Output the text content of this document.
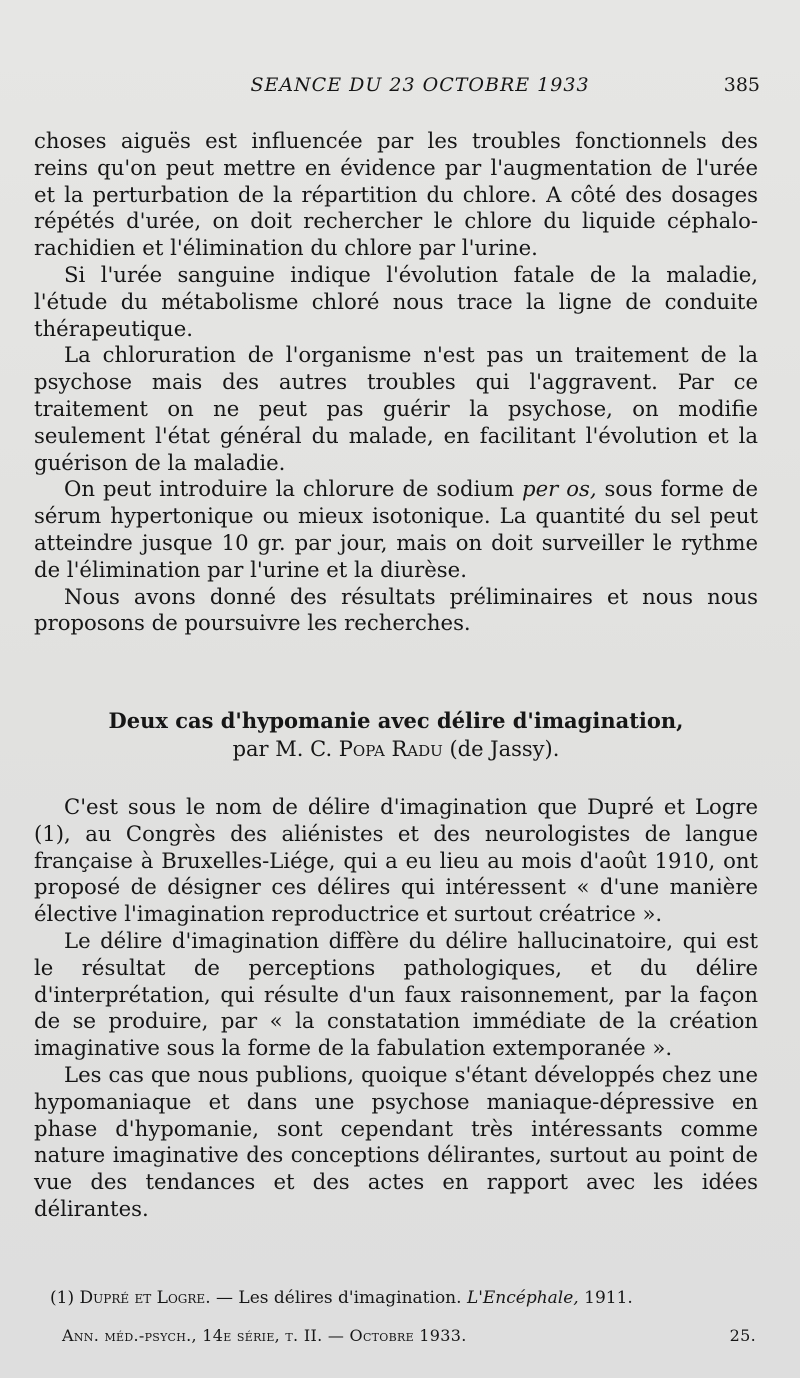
SEANCE DU 23 OCTOBRE 1933	385

choses aiguës est influencée par les troubles fonctionnels des reins qu'on peut mettre en évidence par l'augmentation de l'urée et la perturbation de la répartition du chlore. A côté des dosages répétés d'urée, on doit rechercher le chlore du liquide céphalo-rachidien et l'élimination du chlore par l'urine.

Si l'urée sanguine indique l'évolution fatale de la maladie, l'étude du métabolisme chloré nous trace la ligne de conduite thérapeutique.

La chloruration de l'organisme n'est pas un traitement de la psychose mais des autres troubles qui l'aggravent. Par ce traitement on ne peut pas guérir la psychose, on modifie seulement l'état général du malade, en facilitant l'évolution et la guérison de la maladie.

On peut introduire la chlorure de sodium per os, sous forme de sérum hypertonique ou mieux isotonique. La quantité du sel peut atteindre jusque 10 gr. par jour, mais on doit surveiller le rythme de l'élimination par l'urine et la diurèse.

Nous avons donné des résultats préliminaires et nous nous proposons de poursuivre les recherches.

Deux cas d'hypomanie avec délire d'imagination,
par M. C. Popa Radu (de Jassy).

C'est sous le nom de délire d'imagination que Dupré et Logre (1), au Congrès des aliénistes et des neurologistes de langue française à Bruxelles-Liége, qui a eu lieu au mois d'août 1910, ont proposé de désigner ces délires qui intéressent « d'une manière élective l'imagination reproductrice et surtout créatrice ».

Le délire d'imagination diffère du délire hallucinatoire, qui est le résultat de perceptions pathologiques, et du délire d'interprétation, qui résulte d'un faux raisonnement, par la façon de se produire, par « la constatation immédiate de la création imaginative sous la forme de la fabulation extemporanée ».

Les cas que nous publions, quoique s'étant développés chez une hypomaniaque et dans une psychose maniaque-dépressive en phase d'hypomanie, sont cependant très intéressants comme nature imaginative des conceptions délirantes, surtout au point de vue des tendances et des actes en rapport avec les idées délirantes.

(1) Dupré et Logre. — Les délires d'imagination. L'Encéphale, 1911.
Ann. méd.-psych., 14e série, t. II. — Octobre 1933.	25.
